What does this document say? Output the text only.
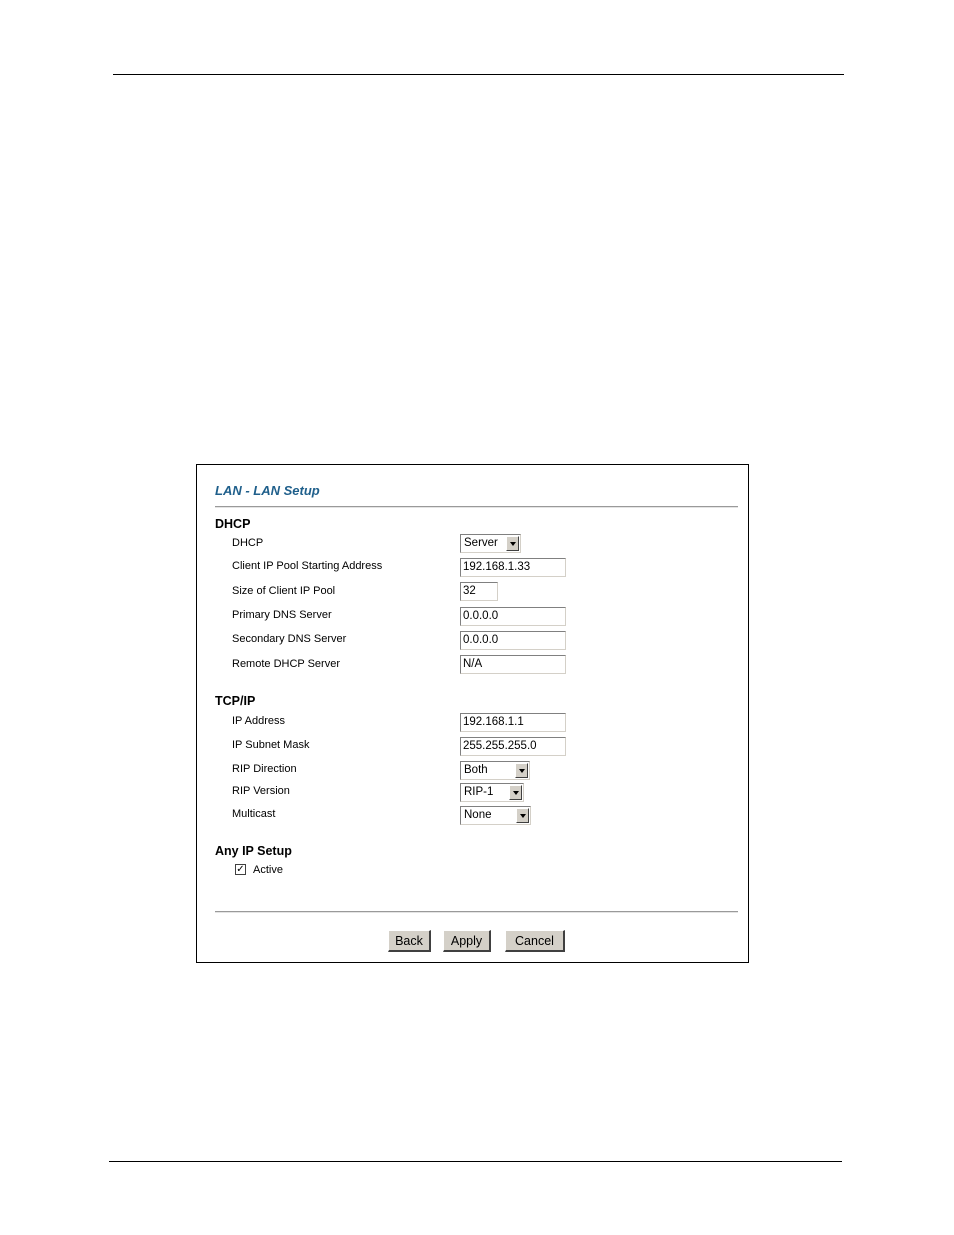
LAN - LAN Setup
DHCP
DHCP	Server
Client IP Pool Starting Address	192.168.1.33
Size of Client IP Pool	32
Primary DNS Server	0.0.0.0
Secondary DNS Server	0.0.0.0
Remote DHCP Server	N/A
TCP/IP
IP Address	192.168.1.1
IP Subnet Mask	255.255.255.0
RIP Direction	Both
RIP Version	RIP-1
Multicast	None
Any IP Setup
✓ Active
Back	Apply	Cancel
